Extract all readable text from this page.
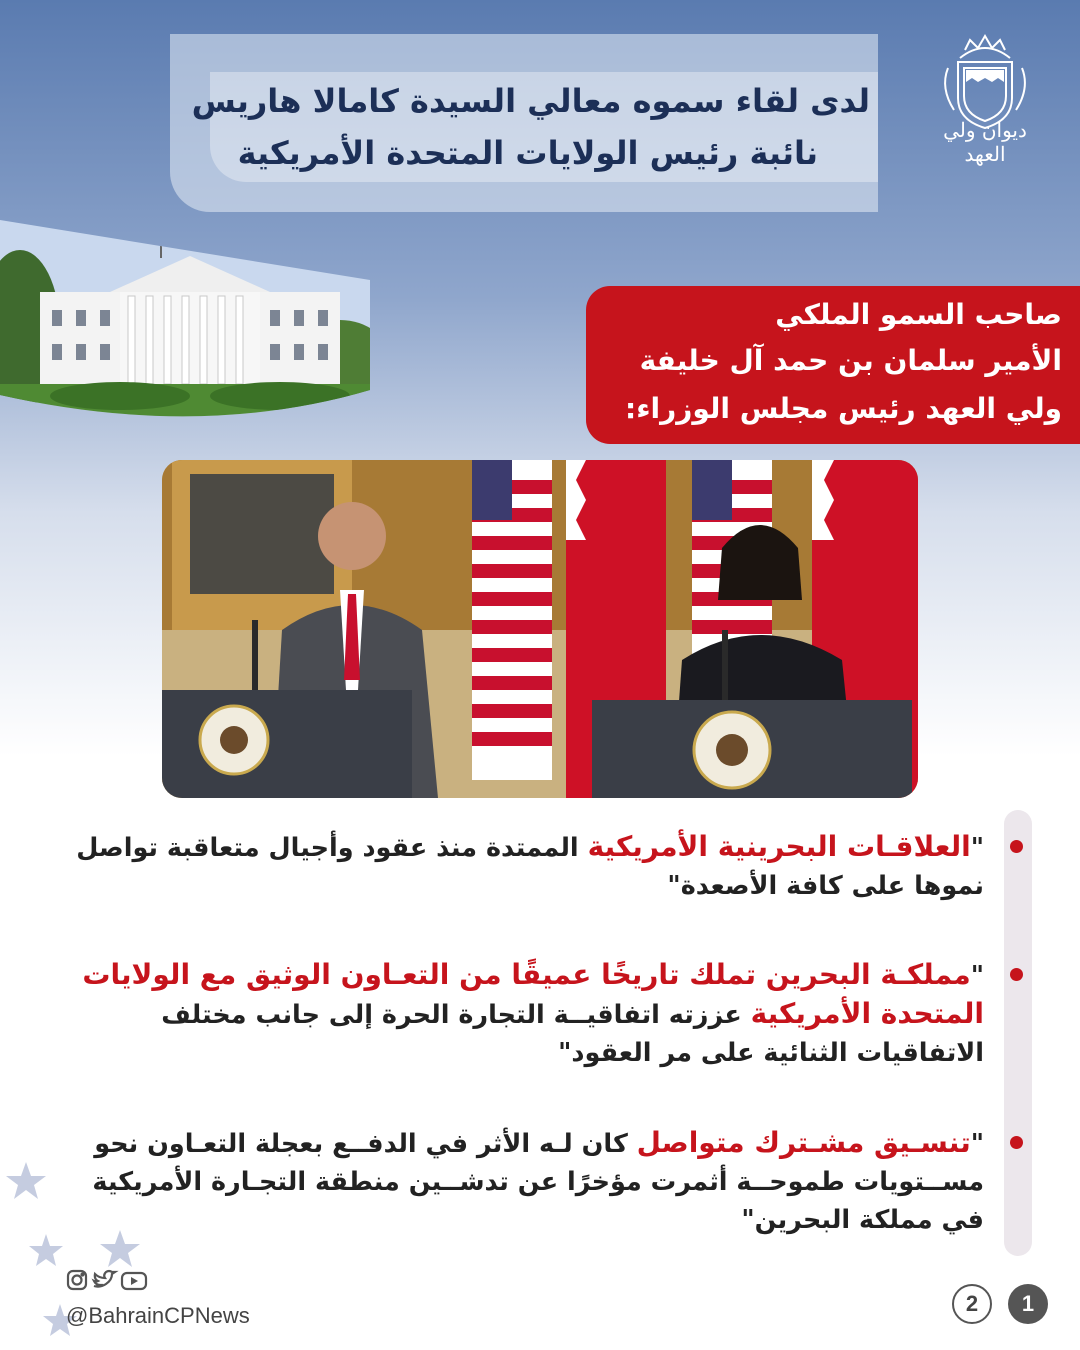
لدى لقاء سموه معالي السيدة كامالا هاريس
نائبة رئيس الولايات المتحدة الأمريكية
ديوان ولي العهد
صاحب السمو الملكي
الأمير سلمان بن حمد آل خليفة
ولي العهد رئيس مجلس الوزراء:
"العلاقـات البحرينية الأمريكية الممتدة منذ عقود وأجيال متعاقبة تواصل نموها على كافة الأصعدة"
"مملكـة البحرين تملك تاريخًا عميقًا من التعـاون الوثيق مع الولايات المتحدة الأمريكية عززته اتفاقيــة التجارة الحرة إلى جانب مختلف الاتفاقيات الثنائية على مر العقود"
"تنسـيق مشـترك متواصل كان لـه الأثر في الدفــع بعجلة التعـاون نحو مســتويات طموحــة أثمرت مؤخرًا عن تدشــين منطقة التجـارة الأمريكية في مملكة البحرين"
@BahrainCPNews	2	1
